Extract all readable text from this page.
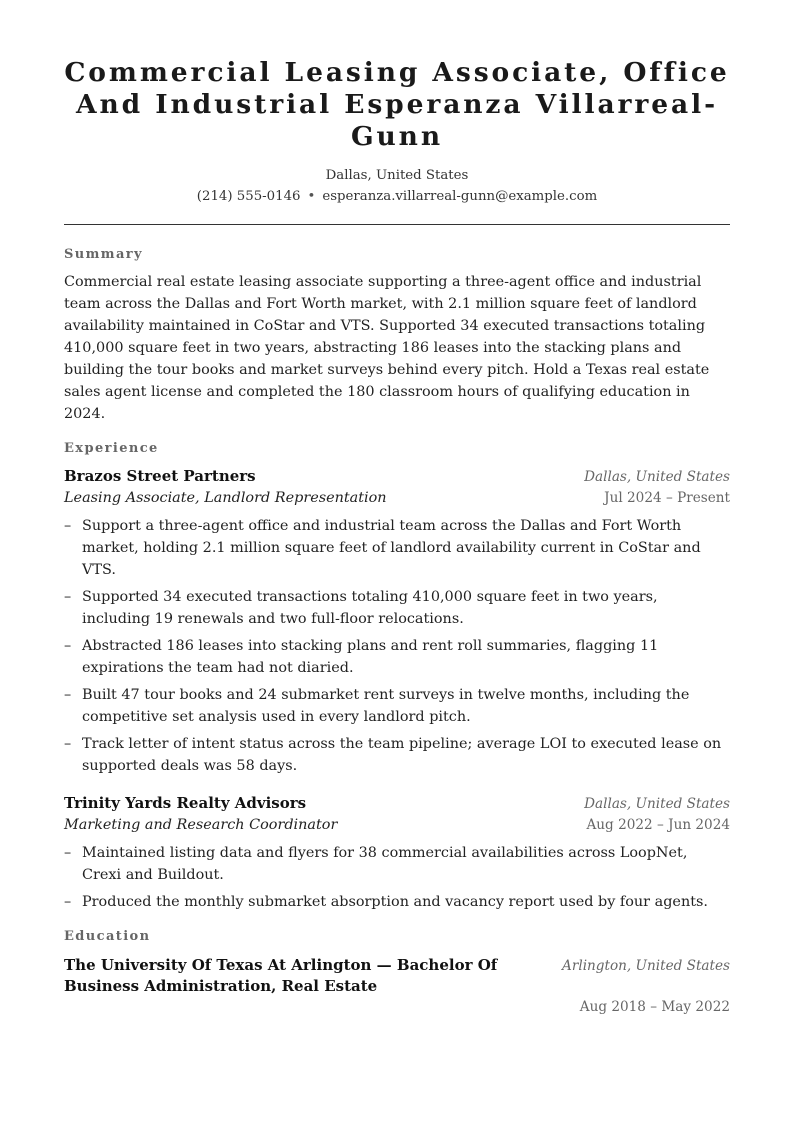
Commercial Leasing Associate, Office And Industrial Esperanza Villarreal-Gunn
Dallas, United States
(214) 555-0146 • esperanza.villarreal-gunn@example.com
Summary
Commercial real estate leasing associate supporting a three-agent office and industrial team across the Dallas and Fort Worth market, with 2.1 million square feet of landlord availability maintained in CoStar and VTS. Supported 34 executed transactions totaling 410,000 square feet in two years, abstracting 186 leases into the stacking plans and building the tour books and market surveys behind every pitch. Hold a Texas real estate sales agent license and completed the 180 classroom hours of qualifying education in 2024.
Experience
Brazos Street Partners	Dallas, United States
Leasing Associate, Landlord Representation	Jul 2024 – Present
– Support a three-agent office and industrial team across the Dallas and Fort Worth market, holding 2.1 million square feet of landlord availability current in CoStar and VTS.
– Supported 34 executed transactions totaling 410,000 square feet in two years, including 19 renewals and two full-floor relocations.
– Abstracted 186 leases into stacking plans and rent roll summaries, flagging 11 expirations the team had not diaried.
– Built 47 tour books and 24 submarket rent surveys in twelve months, including the competitive set analysis used in every landlord pitch.
– Track letter of intent status across the team pipeline; average LOI to executed lease on supported deals was 58 days.
Trinity Yards Realty Advisors	Dallas, United States
Marketing and Research Coordinator	Aug 2022 – Jun 2024
– Maintained listing data and flyers for 38 commercial availabilities across LoopNet, Crexi and Buildout.
– Produced the monthly submarket absorption and vacancy report used by four agents.
Education
The University Of Texas At Arlington — Bachelor Of Business Administration, Real Estate
Arlington, United States
Aug 2018 – May 2022
